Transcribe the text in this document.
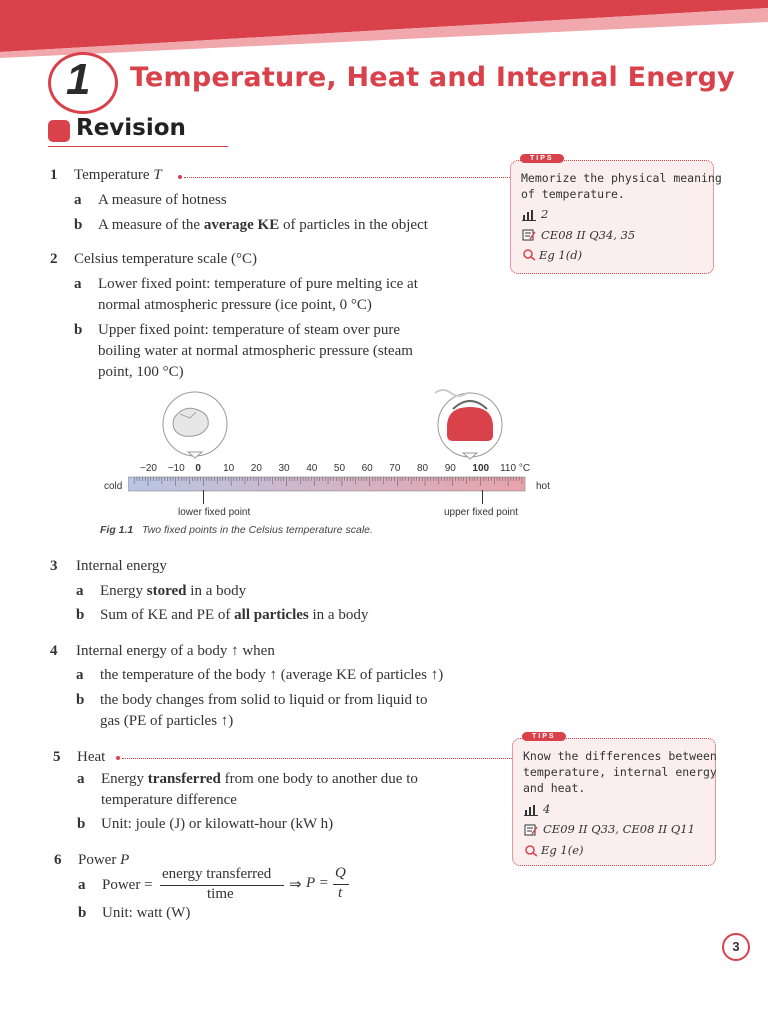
1 Temperature, Heat and Internal Energy
Revision
1 Temperature T
a A measure of hotness
b A measure of the average KE of particles in the object
2 Celsius temperature scale (°C)
a Lower fixed point: temperature of pure melting ice at
normal atmospheric pressure (ice point, 0 °C)
b Upper fixed point: temperature of steam over pure
boiling water at normal atmospheric pressure (steam
point, 100 °C)
cold	hot
−20 −10 0 10 20 30 40 50 60 70 80 90 100 110 °C
lower fixed point	upper fixed point
Fig 1.1 Two fixed points in the Celsius temperature scale.
3 Internal energy
a Energy stored in a body
b Sum of KE and PE of all particles in a body
4 Internal energy of a body ↑ when
a the temperature of the body ↑ (average KE of particles ↑)
b the body changes from solid to liquid or from liquid to
gas (PE of particles ↑)
5 Heat
a Energy transferred from one body to another due to
temperature difference
b Unit: joule (J) or kilowatt-hour (kW h)
6 Power P
a Power =
energy transferred
time
⇒ P =
Q
t
b Unit: watt (W)
TIPS
Memorize the physical meaning
of temperature.
2
CE08 II Q34, 35
Eg 1(d)
TIPS
Know the differences between
temperature, internal energy
and heat.
4
CE09 II Q33, CE08 II Q11
Eg 1(e)
3
